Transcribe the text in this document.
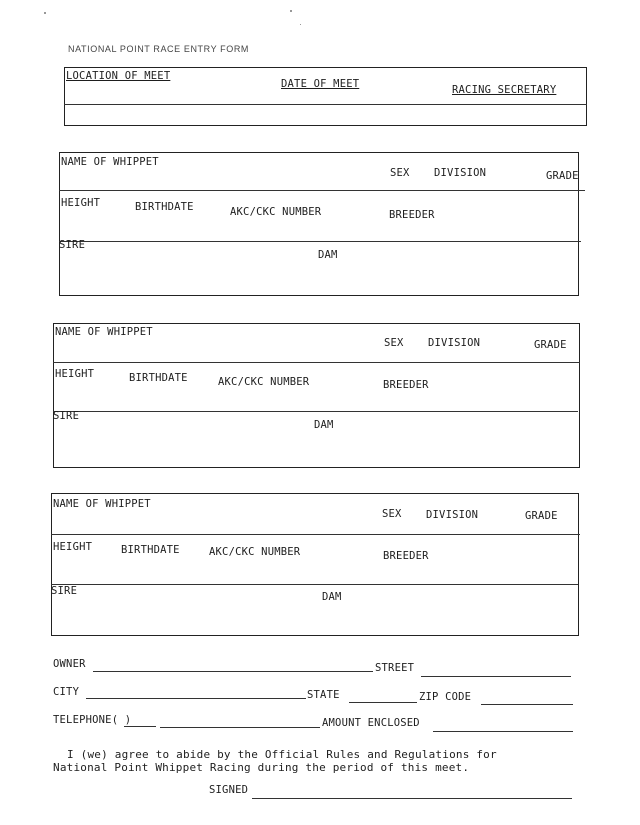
NATIONAL POINT RACE ENTRY FORM
LOCATION OF MEET
DATE OF MEET	RACING SECRETARY
NAME OF WHIPPET
SEX DIVISION	GRADE
HEIGHT	BIRTHDATE	AKC/CKC NUMBER	BREEDER
SIRE
DAM
NAME OF WHIPPET
SEX DIVISION	GRADE
HEIGHT	BIRTHDATE	AKC/CKC NUMBER	BREEDER
SIRE
DAM
NAME OF WHIPPET
SEX DIVISION	GRADE
HEIGHT	BIRTHDATE	AKC/CKC NUMBER	BREEDER
SIRE	DAM
OWNER	STREET
CITY	STATE	ZIP CODE
TELEPHONE( )	AMOUNT ENCLOSED
I (we) agree to abide by the Official Rules and Regulations for
National Point Whippet Racing during the period of this meet.
SIGNED
